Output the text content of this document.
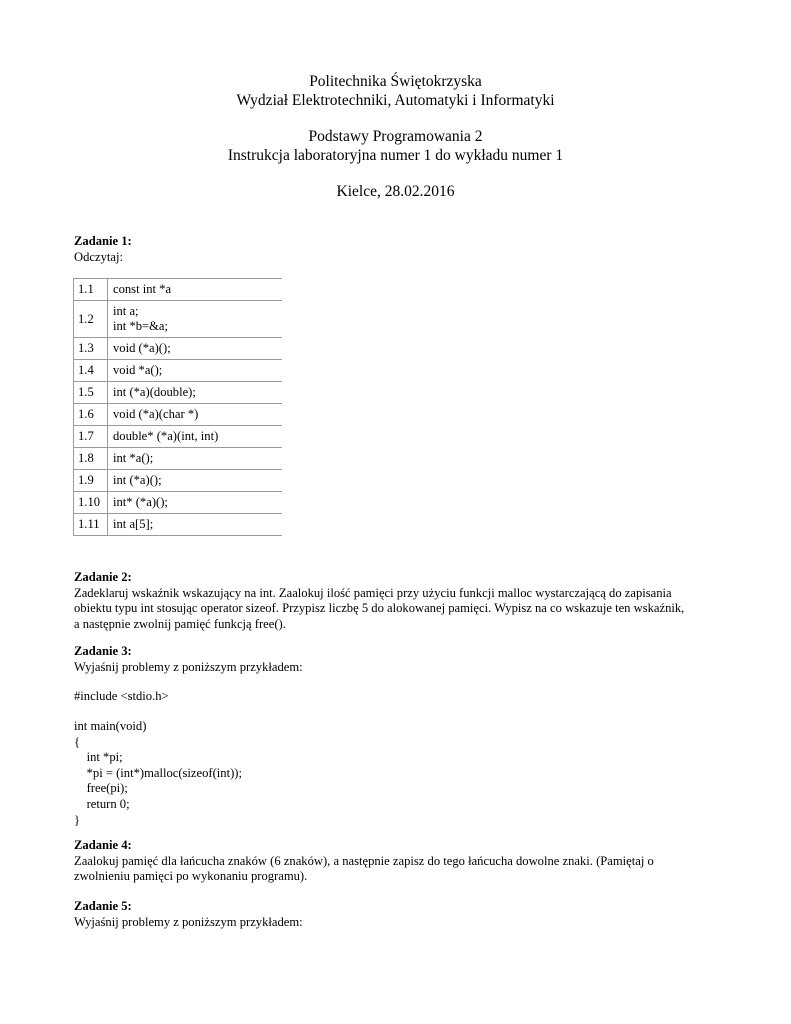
Politechnika Świętokrzyska
Wydział Elektrotechniki, Automatyki i Informatyki
Podstawy Programowania 2
Instrukcja laboratoryjna numer 1 do wykładu numer 1
Kielce, 28.02.2016
Zadanie 1:
Odczytaj:
1.1	const int *a

1.2	int a;
int *b=&a;

1.3	void (*a)();

1.4	void *a();

1.5	int (*a)(double);

1.6	void (*a)(char *)

1.7	double* (*a)(int, int)

1.8	int *a();

1.9	int (*a)();

1.10	int* (*a)();

1.11	int a[5];
Zadanie 2:
Zadeklaruj wskaźnik wskazujący na int. Zaalokuj ilość pamięci przy użyciu funkcji malloc wystarczającą do zapisania
obiektu typu int stosując operator sizeof. Przypisz liczbę 5 do alokowanej pamięci. Wypisz na co wskazuje ten wskaźnik,
a następnie zwolnij pamięć funkcją free().
Zadanie 3:
Wyjaśnij problemy z poniższym przykładem:
#include <stdio.h>
int main(void)
{
int *pi;
*pi = (int*)malloc(sizeof(int));
free(pi);
return 0;
}
Zadanie 4:
Zaalokuj pamięć dla łańcucha znaków (6 znaków), a następnie zapisz do tego łańcucha dowolne znaki. (Pamiętaj o
zwolnieniu pamięci po wykonaniu programu).
Zadanie 5:
Wyjaśnij problemy z poniższym przykładem:
